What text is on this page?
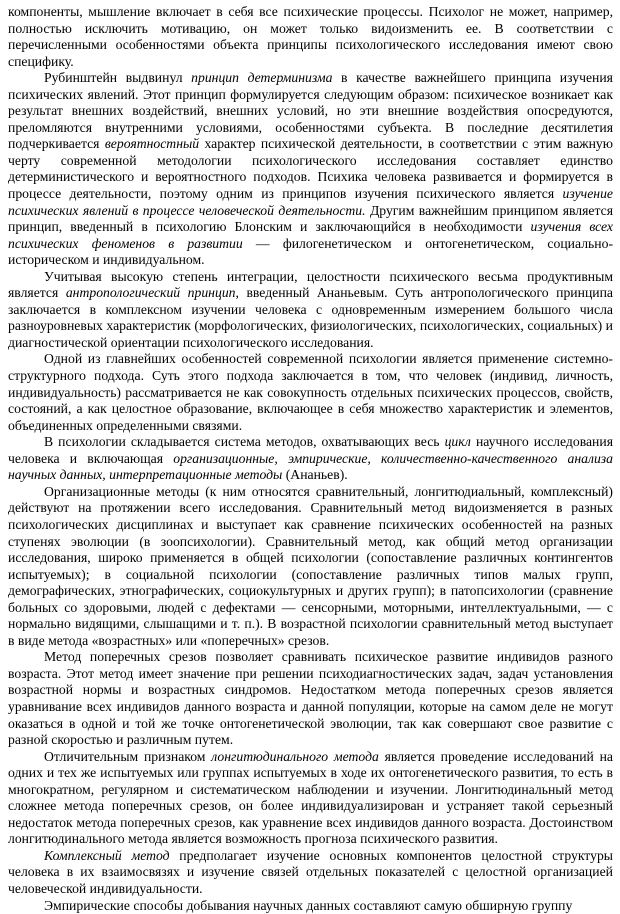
компоненты, мышление включает в себя все психические процессы. Психолог не может, например, полностью исключить мотивацию, он может только видоизменить ее. В соответствии с перечисленными особенностями объекта принципы психологического исследования имеют свою специфику.

Рубинштейн выдвинул принцип детерминизма в качестве важнейшего принципа изучения психических явлений. Этот принцип формулируется следующим образом: психическое возникает как результат внешних воздействий, внешних условий, но эти внешние воздействия опосредуются, преломляются внутренними условиями, особенностями субъекта. В последние десятилетия подчеркивается вероятностный характер психической деятельности, в соответствии с этим важную черту современной методологии психологического исследования составляет единство детерминистического и вероятностного подходов. Психика человека развивается и формируется в процессе деятельности, поэтому одним из принципов изучения психического является изучение психических явлений в процессе человеческой деятельности. Другим важнейшим принципом является принцип, введенный в психологию Блонским и заключающийся в необходимости изучения всех психических феноменов в развитии — филогенетическом и онтогенетическом, социально-историческом и индивидуальном.

Учитывая высокую степень интеграции, целостности психического весьма продуктивным является антропологический принцип, введенный Ананьевым. Суть антропологического принципа заключается в комплексном изучении человека с одновременным измерением большого числа разноуровневых характеристик (морфологических, физиологических, психологических, социальных) и диагностической ориентации психологического исследования.

Одной из главнейших особенностей современной психологии является применение системно-структурного подхода. Суть этого подхода заключается в том, что человек (индивид, личность, индивидуальность) рассматривается не как совокупность отдельных психических процессов, свойств, состояний, а как целостное образование, включающее в себя множество характеристик и элементов, объединенных определенными связями.

В психологии складывается система методов, охватывающих весь цикл научного исследования человека и включающая организационные, эмпирические, количественно-качественного анализа научных данных, интерпретационные методы (Ананьев).

Организационные методы (к ним относятся сравнительный, лонгитюдиальный, комплексный) действуют на протяжении всего исследования. Сравнительный метод видоизменяется в разных психологических дисциплинах и выступает как сравнение психических особенностей на разных ступенях эволюции (в зоопсихологии). Сравнительный метод, как общий метод организации исследования, широко применяется в общей психологии (сопоставление различных контингентов испытуемых); в социальной психологии (сопоставление различных типов малых групп, демографических, этнографических, социокультурных и других групп); в патопсихологии (сравнение больных со здоровыми, людей с дефектами — сенсорными, моторными, интеллектуальными, — с нормально видящими, слышащими и т. п.). В возрастной психологии сравнительный метод выступает в виде метода «возрастных» или «поперечных» срезов.

Метод поперечных срезов позволяет сравнивать психическое развитие индивидов разного возраста. Этот метод имеет значение при решении психодиагностических задач, задач установления возрастной нормы и возрастных синдромов. Недостатком метода поперечных срезов является уравнивание всех индивидов данного возраста и данной популяции, которые на самом деле не могут оказаться в одной и той же точке онтогенетической эволюции, так как совершают свое развитие с разной скоростью и различным путем.

Отличительным признаком лонгитюдинального метода является проведение исследований на одних и тех же испытуемых или группах испытуемых в ходе их онтогенетического развития, то есть в многократном, регулярном и систематическом наблюдении и изучении. Лонгитюдинальный метод сложнее метода поперечных срезов, он более индивидуализирован и устраняет такой серьезный недостаток метода поперечных срезов, как уравнение всех индивидов данного возраста. Достоинством лонгитюдинального метода является возможность прогноза психического развития.

Комплексный метод предполагает изучение основных компонентов целостной структуры человека в их взаимосвязях и изучение связей отдельных показателей с целостной организацией человеческой индивидуальности.

Эмпирические способы добывания научных данных составляют самую обширную группу
